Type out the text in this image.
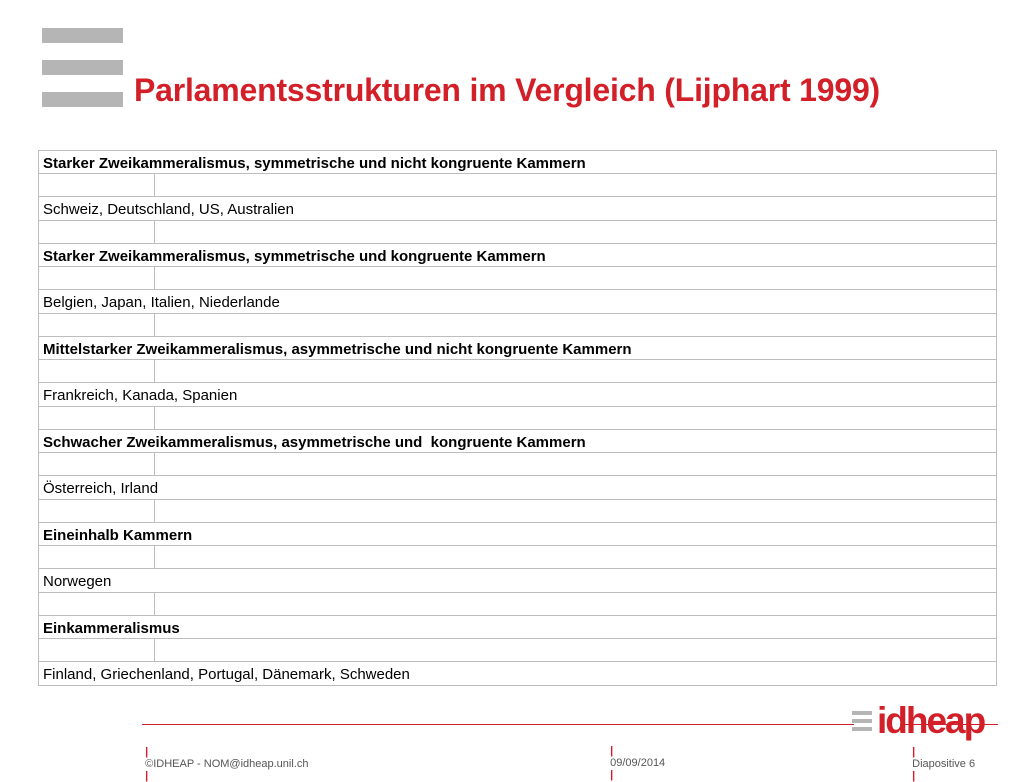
Parlamentsstrukturen im Vergleich (Lijphart 1999)
Starker Zweikammeralismus, symmetrische und nicht kongruente Kammern
Schweiz, Deutschland, US, Australien
Starker Zweikammeralismus, symmetrische und kongruente Kammern
Belgien, Japan, Italien, Niederlande
Mittelstarker Zweikammeralismus, asymmetrische und nicht kongruente Kammern
Frankreich, Kanada, Spanien
Schwacher Zweikammeralismus, asymmetrische und  kongruente Kammern
Österreich, Irland
Eineinhalb Kammern
Norwegen
Einkammeralismus
Finland, Griechenland, Portugal, Dänemark, Schweden

|
©IDHEAP - NOM@idheap.unil.ch
|

|
09/09/2014
|

idheap

|
Diapositive 6
|
